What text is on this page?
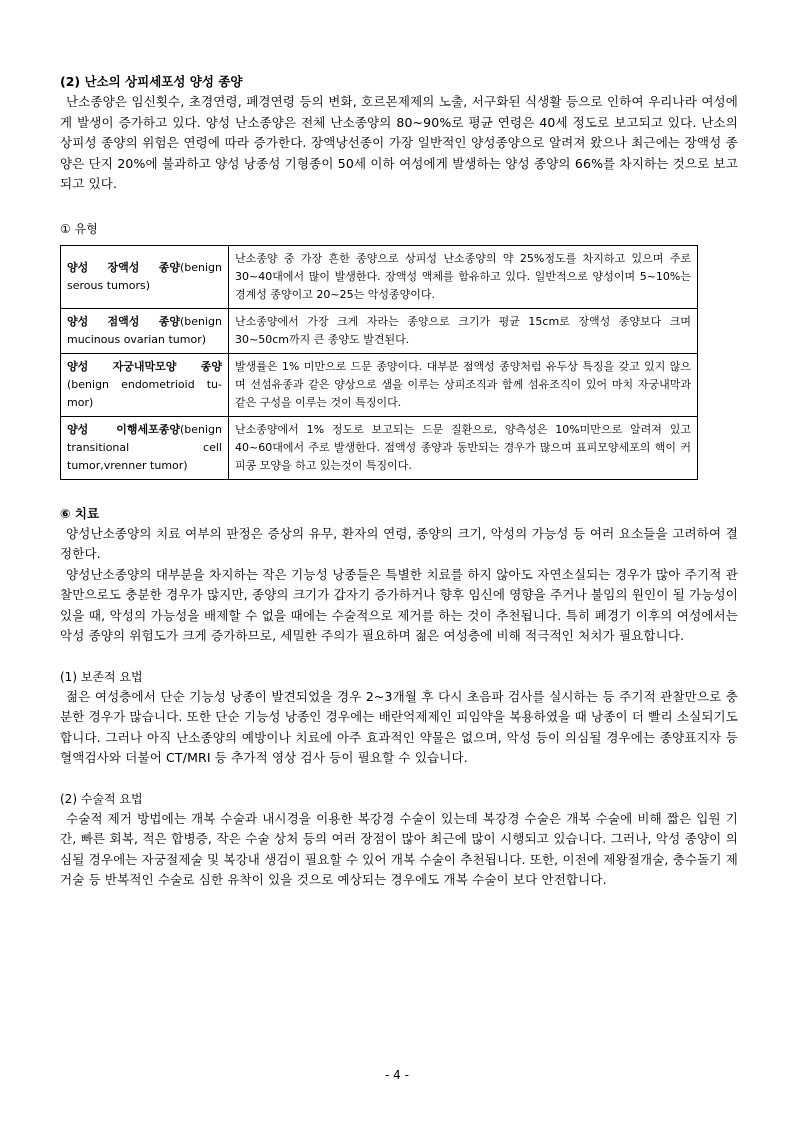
(2) 난소의 상피세포성 양성 종양

난소종양은 임신횟수, 초경연령, 폐경연령 등의 변화, 호르몬제제의 노출, 서구화된 식생활 등으로 인하여 우리나라 여성에게 발생이 증가하고 있다. 양성 난소종양은 전체 난소종양의 80~90%로 평균 연령은 40세 정도로 보고되고 있다. 난소의 상피성 종양의 위험은 연령에 따라 증가한다. 장액낭선종이 가장 일반적인 양성종양으로 알려져 왔으나 최근에는 장액성 종양은 단지 20%에 불과하고 양성 낭종성 기형종이 50세 이하 여성에게 발생하는 양성 종양의 66%를 차지하는 것으로 보고되고 있다.

① 유형

양성 장액성 종양(benign serous tumors)	난소종양 중 가장 흔한 종양으로 상피성 난소종양의 약 25%정도를 차지하고 있으며 주로 30~40대에서 많이 발생한다. 장액성 액체를 함유하고 있다. 일반적으로 양성이며 5~10%는 경계성 종양이고 20~25는 악성종양이다.
양성 점액성 종양(benign mucinous ovarian tumor)	난소종양에서 가장 크게 자라는 종양으로 크기가 평균 15cm로 장액성 종양보다 크며 30~50cm까지 큰 종양도 발견된다.
양성 자궁내막모양 종양(benign endometrioid tu-mor)	발생률은 1% 미만으로 드문 종양이다. 대부분 점액성 종양처럼 유두상 특징을 갖고 있지 않으며 선섬유종과 같은 양상으로 샘을 이루는 상피조직과 함께 섬유조직이 있어 마치 자궁내막과 같은 구성을 이루는 것이 특징이다.
양성 이행세포종양(benign transitional cell tumor,vrenner tumor)	난소종양에서 1% 정도로 보고되는 드문 질환으로, 양측성은 10%미만으로 알려져 있고 40~60대에서 주로 발생한다. 점액성 종양과 동반되는 경우가 많으며 표피모양세포의 핵이 커피콩 모양을 하고 있는것이 특징이다.

⑥ 치료

양성난소종양의 치료 여부의 판정은 증상의 유무, 환자의 연령, 종양의 크기, 악성의 가능성 등 여러 요소들을 고려하여 결정한다.

양성난소종양의 대부분을 차지하는 작은 기능성 낭종들은 특별한 치료를 하지 않아도 자연소실되는 경우가 많아 주기적 관찰만으로도 충분한 경우가 많지만, 종양의 크기가 갑자기 증가하거나 향후 임신에 영향을 주거나 불임의 원인이 될 가능성이 있을 때, 악성의 가능성을 배제할 수 없을 때에는 수술적으로 제거를 하는 것이 추천됩니다. 특히 폐경기 이후의 여성에서는 악성 종양의 위험도가 크게 증가하므로, 세밀한 주의가 필요하며 젊은 여성층에 비해 적극적인 처치가 필요합니다.

(1) 보존적 요법

젊은 여성층에서 단순 기능성 낭종이 발견되었을 경우 2~3개월 후 다시 초음파 검사를 실시하는 등 주기적 관찰만으로 충분한 경우가 많습니다. 또한 단순 기능성 낭종인 경우에는 배란억제제인 피임약을 복용하였을 때 낭종이 더 빨리 소실되기도 합니다. 그러나 아직 난소종양의 예방이나 치료에 아주 효과적인 약물은 없으며, 악성 등이 의심될 경우에는 종양표지자 등 혈액검사와 더불어 CT/MRI 등 추가적 영상 검사 등이 필요할 수 있습니다.

(2) 수술적 요법

수술적 제거 방법에는 개복 수술과 내시경을 이용한 복강경 수술이 있는데 복강경 수술은 개복 수술에 비해 짧은 입원 기간, 빠른 회복, 적은 합병증, 작은 수술 상처 등의 여러 장점이 많아 최근에 많이 시행되고 있습니다. 그러나, 악성 종양이 의심될 경우에는 자궁절제술 및 복강내 생검이 필요할 수 있어 개복 수술이 추천됩니다. 또한, 이전에 제왕절개술, 충수돌기 제거술 등 반복적인 수술로 심한 유착이 있을 것으로 예상되는 경우에도 개복 수술이 보다 안전합니다.

- 4 -
